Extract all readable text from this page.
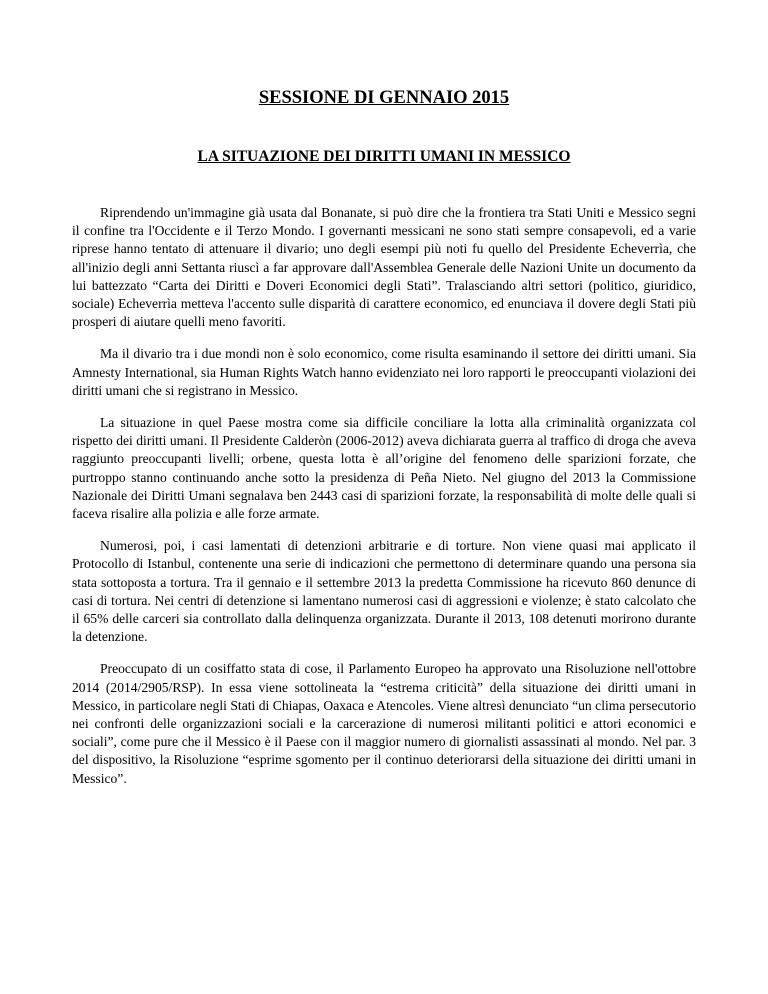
SESSIONE DI GENNAIO 2015
LA SITUAZIONE DEI DIRITTI UMANI IN MESSICO

Riprendendo un'immagine già usata dal Bonanate, si può dire che la frontiera tra Stati Uniti e Messico segni il confine tra l'Occidente e il Terzo Mondo. I governanti messicani ne sono stati sempre consapevoli, ed a varie riprese hanno tentato di attenuare il divario; uno degli esempi più noti fu quello del Presidente Echeverrìa, che all'inizio degli anni Settanta riuscì a far approvare dall'Assemblea Generale delle Nazioni Unite un documento da lui battezzato “Carta dei Diritti e Doveri Economici degli Stati”. Tralasciando altri settori (politico, giuridico, sociale) Echeverrìa metteva l'accento sulle disparità di carattere economico, ed enunciava il dovere degli Stati più prosperi di aiutare quelli meno favoriti.

Ma il divario tra i due mondi non è solo economico, come risulta esaminando il settore dei diritti umani. Sia Amnesty International, sia Human Rights Watch hanno evidenziato nei loro rapporti le preoccupanti violazioni dei diritti umani che si registrano in Messico.

La situazione in quel Paese mostra come sia difficile conciliare la lotta alla criminalità organizzata col rispetto dei diritti umani. Il Presidente Calderòn (2006-2012) aveva dichiarata guerra al traffico di droga che aveva raggiunto preoccupanti livelli; orbene, questa lotta è all’origine del fenomeno delle sparizioni forzate, che purtroppo stanno continuando anche sotto la presidenza di Peña Nieto. Nel giugno del 2013 la Commissione Nazionale dei Diritti Umani segnalava ben 2443 casi di sparizioni forzate, la responsabilità di molte delle quali si faceva risalire alla polizia e alle forze armate.

Numerosi, poi, i casi lamentati di detenzioni arbitrarie e di torture. Non viene quasi mai applicato il Protocollo di Istanbul, contenente una serie di indicazioni che permettono di determinare quando una persona sia stata sottoposta a tortura. Tra il gennaio e il settembre 2013 la predetta Commissione ha ricevuto 860 denunce di casi di tortura. Nei centri di detenzione si lamentano numerosi casi di aggressioni e violenze; è stato calcolato che il 65% delle carceri sia controllato dalla delinquenza organizzata. Durante il 2013, 108 detenuti morirono durante la detenzione.

Preoccupato di un cosiffatto stata di cose, il Parlamento Europeo ha approvato una Risoluzione nell'ottobre 2014 (2014/2905/RSP). In essa viene sottolineata la “estrema criticità” della situazione dei diritti umani in Messico, in particolare negli Stati di Chiapas, Oaxaca e Atencoles. Viene altresì denunciato “un clima persecutorio nei confronti delle organizzazioni sociali e la carcerazione di numerosi militanti politici e attori economici e sociali”, come pure che il Messico è il Paese con il maggior numero di giornalisti assassinati al mondo. Nel par. 3 del dispositivo, la Risoluzione “esprime sgomento per il continuo deteriorarsi della situazione dei diritti umani in Messico”.
